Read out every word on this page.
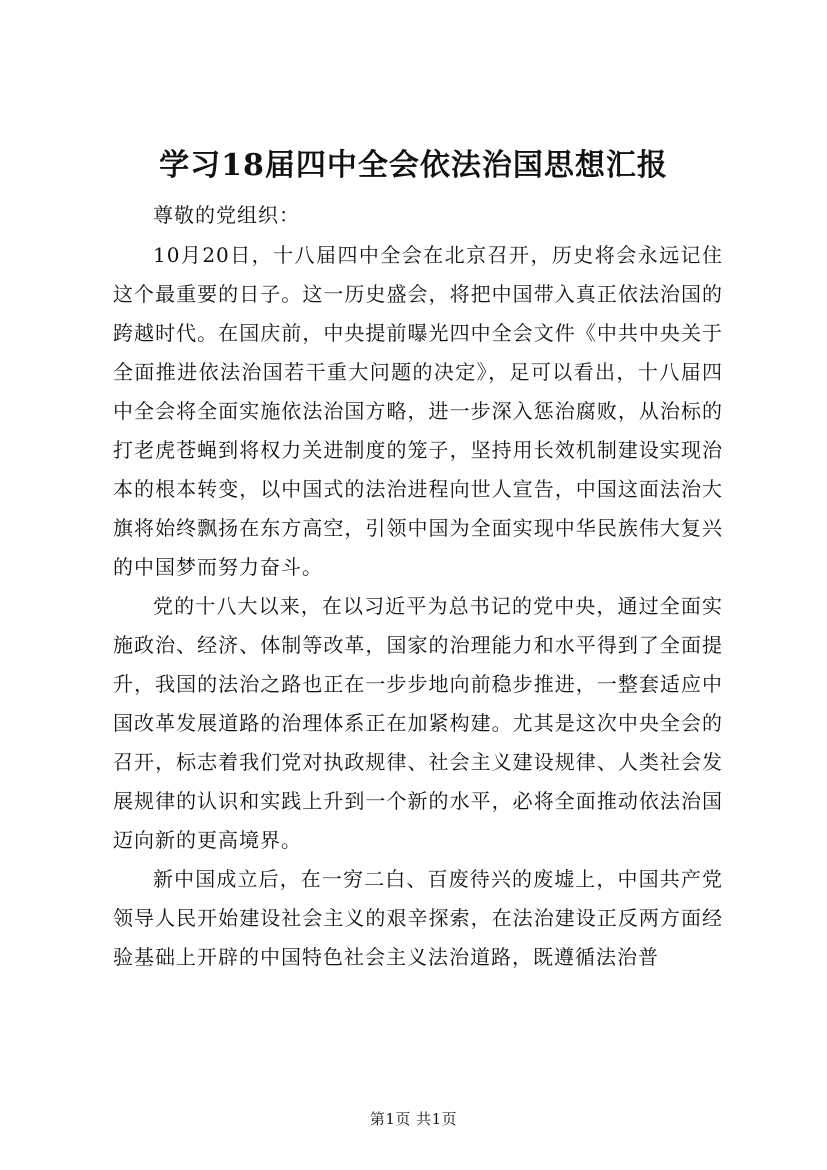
学习18届四中全会依法治国思想汇报

尊敬的党组织：

10月20日，十八届四中全会在北京召开，历史将会永远记住这个最重要的日子。这一历史盛会，将把中国带入真正依法治国的跨越时代。在国庆前，中央提前曝光四中全会文件《中共中央关于全面推进依法治国若干重大问题的决定》，足可以看出，十八届四中全会将全面实施依法治国方略，进一步深入惩治腐败，从治标的打老虎苍蝇到将权力关进制度的笼子，坚持用长效机制建设实现治本的根本转变，以中国式的法治进程向世人宣告，中国这面法治大旗将始终飘扬在东方高空，引领中国为全面实现中华民族伟大复兴的中国梦而努力奋斗。

党的十八大以来，在以习近平为总书记的党中央，通过全面实施政治、经济、体制等改革，国家的治理能力和水平得到了全面提升，我国的法治之路也正在一步步地向前稳步推进，一整套适应中国改革发展道路的治理体系正在加紧构建。尤其是这次中央全会的召开，标志着我们党对执政规律、社会主义建设规律、人类社会发展规律的认识和实践上升到一个新的水平，必将全面推动依法治国迈向新的更高境界。

新中国成立后，在一穷二白、百废待兴的废墟上，中国共产党领导人民开始建设社会主义的艰辛探索，在法治建设正反两方面经验基础上开辟的中国特色社会主义法治道路，既遵循法治普

第1页 共1页
